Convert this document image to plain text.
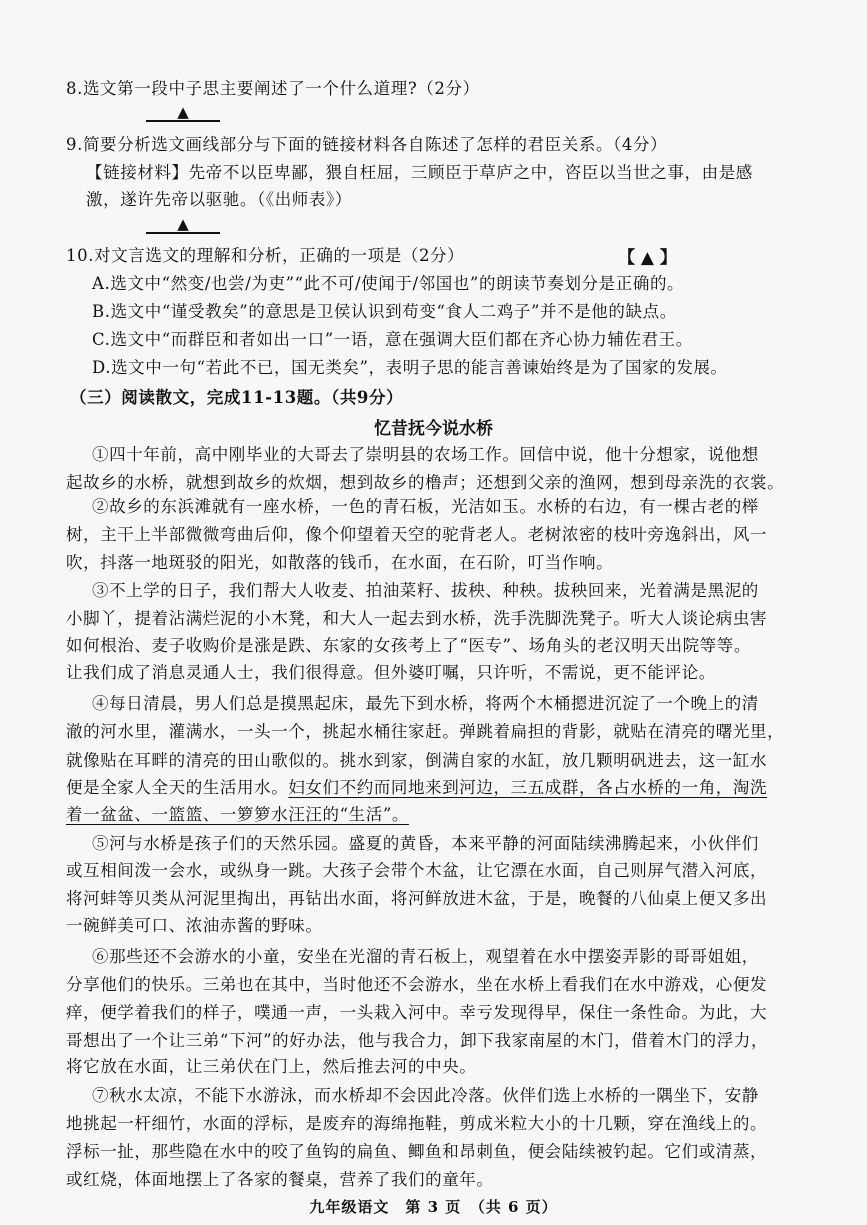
8.选文第一段中子思主要阐述了一个什么道理?（2分）
▲
9.简要分析选文画线部分与下面的链接材料各自陈述了怎样的君臣关系。（4分）
【链接材料】先帝不以臣卑鄙，猥自枉屈，三顾臣于草庐之中，咨臣以当世之事，由是感
激，遂许先帝以驱驰。（《出师表》）
▲
10.对文言选文的理解和分析，正确的一项是（2分）	【 ▲ 】
A.选文中“然变/也尝/为吏”“此不可/使闻于/邻国也”的朗读节奏划分是正确的。
B.选文中“谨受教矣”的意思是卫侯认识到苟变“食人二鸡子”并不是他的缺点。
C.选文中“而群臣和者如出一口”一语，意在强调大臣们都在齐心协力辅佐君王。
D.选文中一句“若此不已，国无类矣”，表明子思的能言善谏始终是为了国家的发展。
（三）阅读散文，完成11-13题。（共9分）
忆昔抚今说水桥
①四十年前，高中刚毕业的大哥去了崇明县的农场工作。回信中说，他十分想家，说他想
起故乡的水桥，就想到故乡的炊烟，想到故乡的橹声；还想到父亲的渔网，想到母亲洗的衣裳。
②故乡的东浜滩就有一座水桥，一色的青石板，光洁如玉。水桥的右边，有一棵古老的榉
树，主干上半部微微弯曲后仰，像个仰望着天空的驼背老人。老树浓密的枝叶旁逸斜出，风一
吹，抖落一地斑驳的阳光，如散落的钱币，在水面，在石阶，叮当作响。
③不上学的日子，我们帮大人收麦、拍油菜籽、拔秧、种秧。拔秧回来，光着满是黑泥的
小脚丫，提着沾满烂泥的小木凳，和大人一起去到水桥，洗手洗脚洗凳子。听大人谈论病虫害
如何根治、麦子收购价是涨是跌、东家的女孩考上了“医专”、场角头的老汉明天出院等等。
让我们成了消息灵通人士，我们很得意。但外婆叮嘱，只许听，不需说，更不能评论。
④每日清晨，男人们总是摸黑起床，最先下到水桥，将两个木桶摁进沉淀了一个晚上的清
澈的河水里，灌满水，一头一个，挑起水桶往家赶。弹跳着扁担的背影，就贴在清亮的曙光里，
就像贴在耳畔的清亮的田山歌似的。挑水到家，倒满自家的水缸，放几颗明矾进去，这一缸水
便是全家人全天的生活用水。妇女们不约而同地来到河边，三五成群，各占水桥的一角，淘洗
着一盆盆、一篮篮、一箩箩水汪汪的“生活”。
⑤河与水桥是孩子们的天然乐园。盛夏的黄昏，本来平静的河面陆续沸腾起来，小伙伴们
或互相间泼一会水，或纵身一跳。大孩子会带个木盆，让它漂在水面，自己则屏气潜入河底，
将河蚌等贝类从河泥里掏出，再钻出水面，将河鲜放进木盆，于是，晚餐的八仙桌上便又多出
一碗鲜美可口、浓油赤酱的野味。
⑥那些还不会游水的小童，安坐在光溜的青石板上，观望着在水中摆姿弄影的哥哥姐姐，
分享他们的快乐。三弟也在其中，当时他还不会游水，坐在水桥上看我们在水中游戏，心便发
痒，便学着我们的样子，噗通一声，一头栽入河中。幸亏发现得早，保住一条性命。为此，大
哥想出了一个让三弟“下河”的好办法，他与我合力，卸下我家南屋的木门，借着木门的浮力，
将它放在水面，让三弟伏在门上，然后推去河的中央。
⑦秋水太凉，不能下水游泳，而水桥却不会因此冷落。伙伴们选上水桥的一隅坐下，安静
地挑起一杆细竹，水面的浮标，是废弃的海绵拖鞋，剪成米粒大小的十几颗，穿在渔线上的。
浮标一扯，那些隐在水中的咬了鱼钩的扁鱼、鲫鱼和昂刺鱼，便会陆续被钓起。它们或清蒸，
或红烧，体面地摆上了各家的餐桌，营养了我们的童年。
九年级语文　第 3 页　（共 6 页）
